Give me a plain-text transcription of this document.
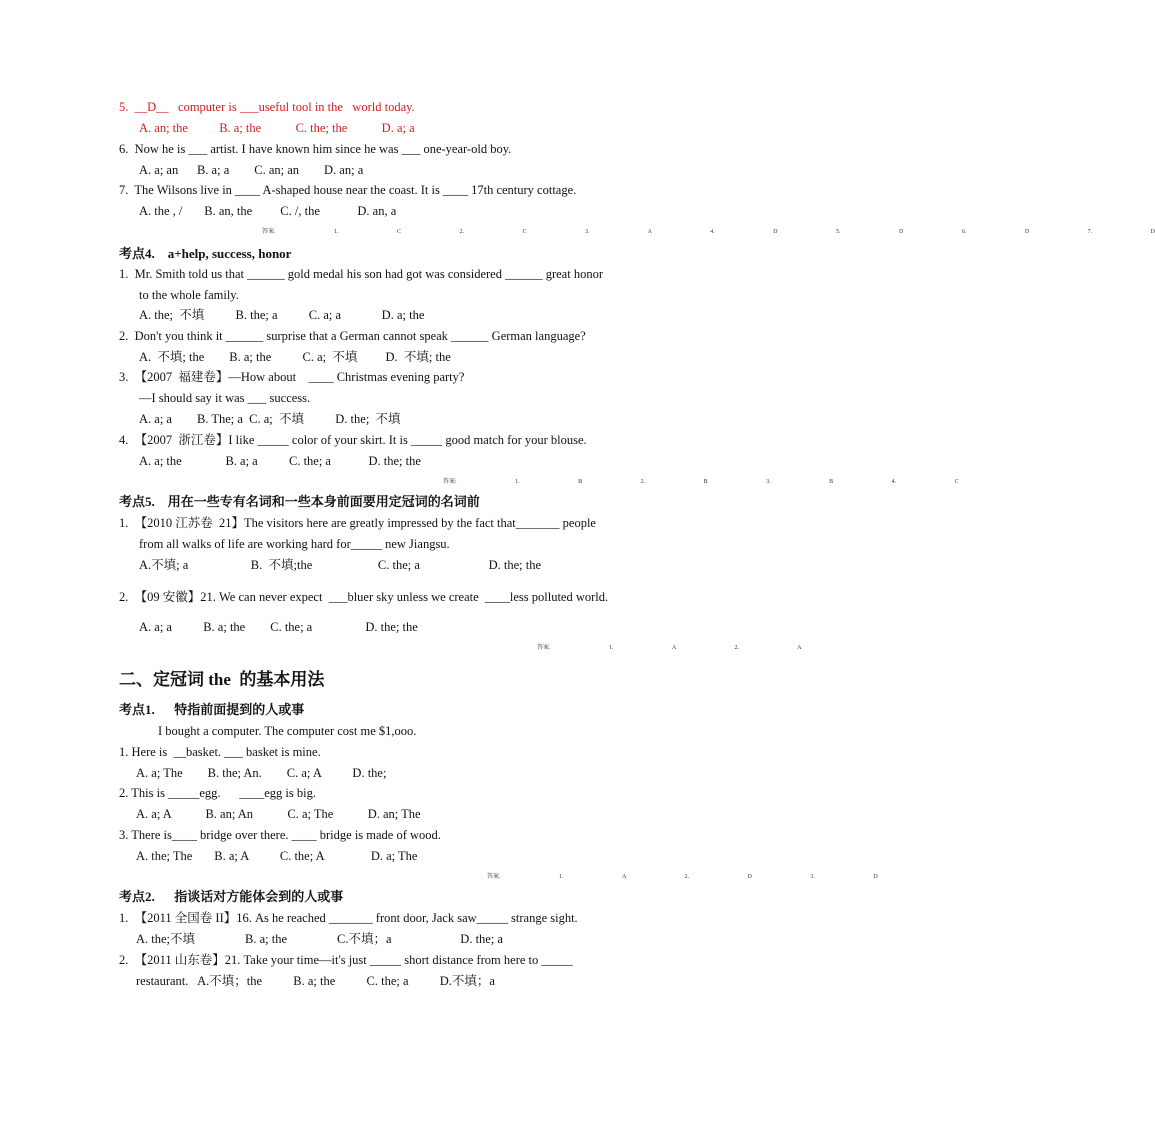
5.  __D__   computer is ___useful tool in the   world today.
A. an; the          B. a; the           C. the; the           D. a; a
6.  Now he is ___ artist. I have known him since he was ___ one-year-old boy.
A. a; an      B. a; a        C. an; an        D. an; a
7.  The Wilsons live in ____ A-shaped house near the coast. It is ____ 17th century cottage.
A. the , /       B. an, the         C. /, the            D. an, a
考点4.    a+help, success, honor
1.  Mr. Smith told us that ______ gold medal his son had got was considered ______ great honor
to the whole family.
A. the;  不填          B. the; a          C. a; a             D. a; the
2.  Don't you think it ______ surprise that a German cannot speak ______ German language?
A.  不填; the        B. a; the          C. a;  不填         D.  不填; the
3.  【2007  福建卷】—How about    ____ Christmas evening party?
—I should say it was ___ success.
A. a; a        B. The; a  C. a;  不填          D. the;  不填
4.  【2007  浙江卷】I like _____ color of your skirt. It is _____ good match for your blouse.
A. a; the              B. a; a          C. the; a            D. the; the
考点5.    用在一些专有名词和一些本身前面要用定冠词的名词前
1.  【2010 江苏卷  21】The visitors here are greatly impressed by the fact that_______ people
from all walks of life are working hard for_____ new Jiangsu.
A.不填; a                    B.  不填;the                     C. the; a                      D. the; the
2.  【09 安徽】21. We can never expect  ___bluer sky unless we create  ____less polluted world.
A. a; a          B. a; the        C. the; a                 D. the; the
二、定冠词 the  的基本用法
考点1.      特指前面提到的人或事
I bought a computer. The computer cost me $1,ooo.
1. Here is  __basket. ___ basket is mine.
A. a; The        B. the; An.        C. a; A          D. the;
2. This is _____egg.      ____egg is big.
A. a; A           B. an; An           C. a; The           D. an; The
3. There is____ bridge over there. ____ bridge is made of wood.
A. the; The       B. a; A          C. the; A               D. a; The
考点2.      指谈话对方能体会到的人或事
1.  【2011 全国卷 II】16. As he reached _______ front door, Jack saw_____ strange sight.
A. the;不填                B. a; the                C.不填；a                      D. the; a
2.  【2011 山东卷】21. Take your time—it's just _____ short distance from here to _____
restaurant.   A.不填；the          B. a; the          C. the; a          D.不填；a
答案.   1.   C   2.   C   3.   A   4.   D   5.   D   6.   D   7.   D
答案:   1.   B   2.   B   3.   B   4.   C
答案.   1.   A   2.   A
答案.   1.   A   2.   D   3.   D
